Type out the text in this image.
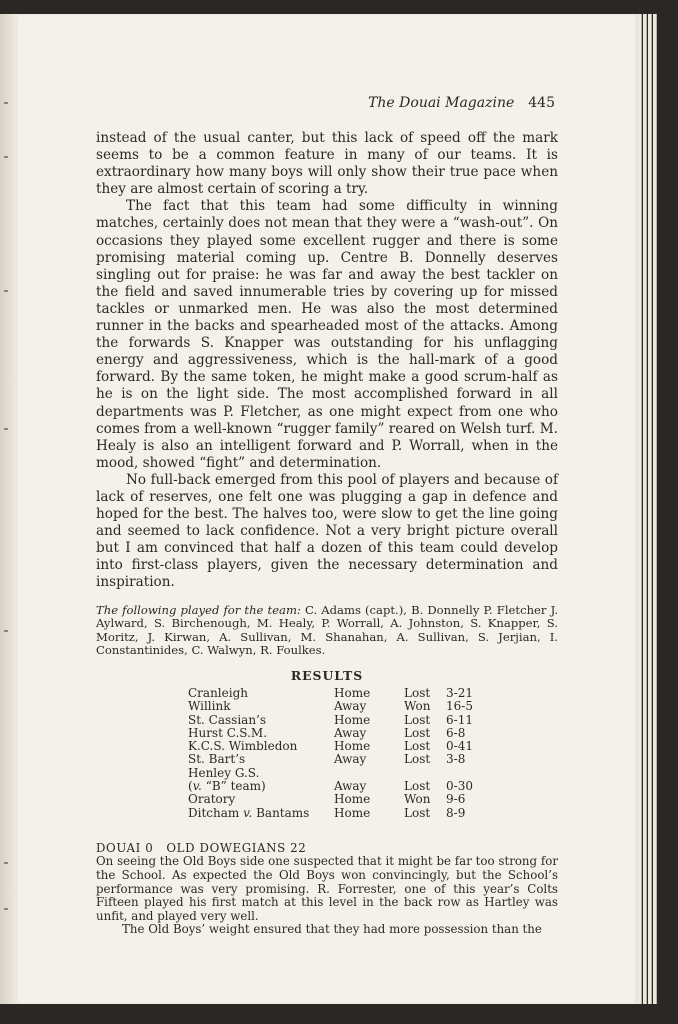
The Douai Magazine 445

instead of the usual canter, but this lack of speed off the mark seems to be a common feature in many of our teams. It is extraordinary how many boys will only show their true pace when they are almost certain of scoring a try.

The fact that this team had some difficulty in winning matches, certainly does not mean that they were a “wash-out”. On occasions they played some excellent rugger and there is some promising material coming up. Centre B. Donnelly deserves singling out for praise: he was far and away the best tackler on the field and saved innumerable tries by covering up for missed tackles or unmarked men. He was also the most determined runner in the backs and spearheaded most of the attacks. Among the forwards S. Knapper was outstanding for his unflagging energy and aggressiveness, which is the hall-mark of a good forward. By the same token, he might make a good scrum-half as he is on the light side. The most accomplished forward in all departments was P. Fletcher, as one might expect from one who comes from a well-known “rugger family” reared on Welsh turf. M. Healy is also an intelligent forward and P. Worrall, when in the mood, showed “fight” and determination.

No full-back emerged from this pool of players and because of lack of reserves, one felt one was plugging a gap in defence and hoped for the best. The halves too, were slow to get the line going and seemed to lack confidence. Not a very bright picture overall but I am convinced that half a dozen of this team could develop into first-class players, given the necessary determination and inspiration.

The following played for the team: C. Adams (capt.), B. Donnelly P. Fletcher J. Aylward, S. Birchenough, M. Healy, P. Worrall, A. Johnston, S. Knapper, S. Moritz, J. Kirwan, A. Sullivan, M. Shanahan, A. Sullivan, S. Jerjian, I. Constantinides, C. Walwyn, R. Foulkes.

RESULTS
Cranleigh	Home	Lost	3-21
Willink	Away	Won	16-5
St. Cassian’s	Home	Lost	6-11
Hurst C.S.M.	Away	Lost	6-8
K.C.S. Wimbledon	Home	Lost	0-41
St. Bart’s	Away	Lost	3-8
Henley G.S.			
(v. “B” team)	Away	Lost	0-30
Oratory	Home	Won	9-6
Ditcham v. Bantams	Home	Lost	8-9
DOUAI 0   OLD DOWEGIANS 22

On seeing the Old Boys side one suspected that it might be far too strong for the School. As expected the Old Boys won convincingly, but the School’s performance was very promising. R. Forrester, one of this year’s Colts Fifteen played his first match at this level in the back row as Hartley was unfit, and played very well.

The Old Boys’ weight ensured that they had more possession than the
